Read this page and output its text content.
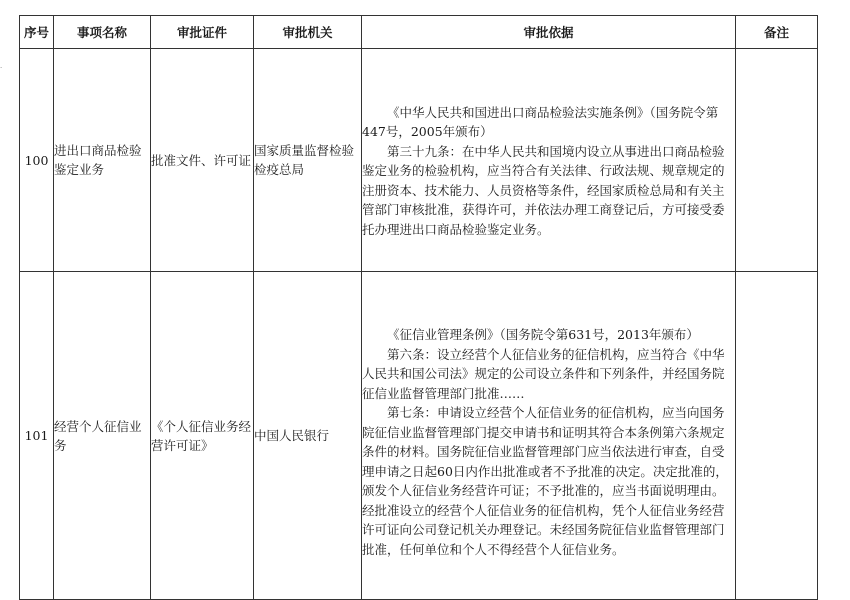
·
序号	事项名称	审批证件	审批机关	审批依据	备注
100	进出口商品检验鉴定业务	批准文件、许可证	国家质量监督检验检疫总局	《中华人民共和国进出口商品检验法实施条例》（国务院令第447号，2005年颁布）

第三十九条：在中华人民共和国境内设立从事进出口商品检验鉴定业务的检验机构，应当符合有关法律、行政法规、规章规定的注册资本、技术能力、人员资格等条件，经国家质检总局和有关主管部门审核批准，获得许可，并依法办理工商登记后，方可接受委托办理进出口商品检验鉴定业务。	

101	经营个人征信业务	《个人征信业务经营许可证》	中国人民银行	《征信业管理条例》（国务院令第631号，2013年颁布）

第六条：设立经营个人征信业务的征信机构，应当符合《中华人民共和国公司法》规定的公司设立条件和下列条件，并经国务院征信业监督管理部门批准……

第七条：申请设立经营个人征信业务的征信机构，应当向国务院征信业监督管理部门提交申请书和证明其符合本条例第六条规定条件的材料。国务院征信业监督管理部门应当依法进行审查，自受理申请之日起60日内作出批准或者不予批准的决定。决定批准的，颁发个人征信业务经营许可证；不予批准的，应当书面说明理由。经批准设立的经营个人征信业务的征信机构，凭个人征信业务经营许可证向公司登记机关办理登记。未经国务院征信业监督管理部门批准，任何单位和个人不得经营个人征信业务。	
